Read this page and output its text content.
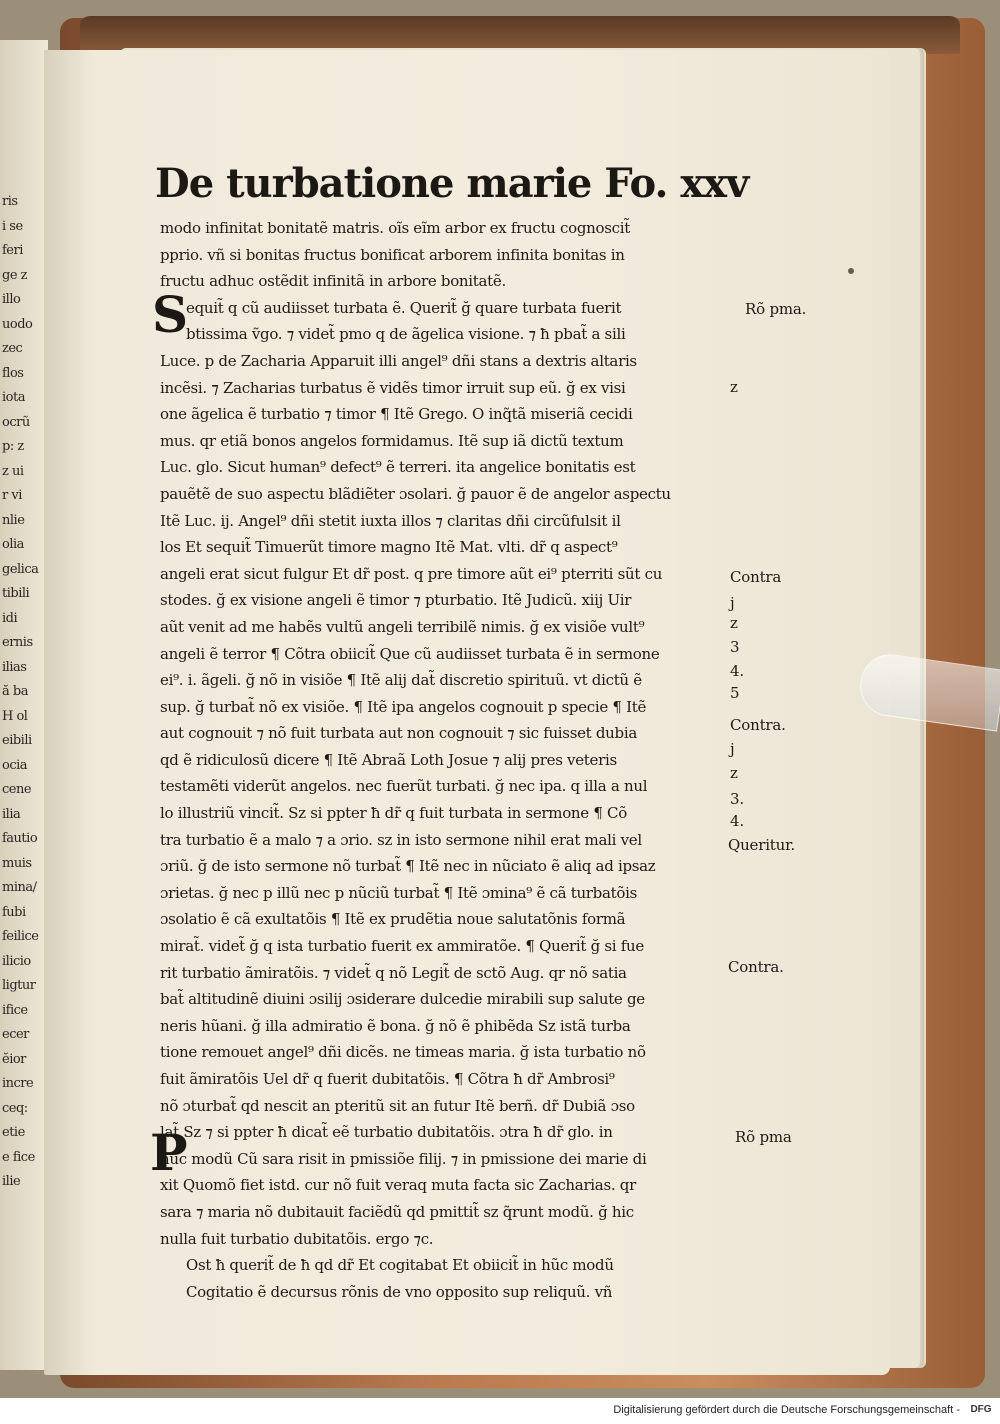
ris
i se
feri
ge z
illo
uodo
zec
flos
iota
ocrũ
p: z
z ui
r vi
nlie
olia
gelica
tibili
idi
ernis
ilias
ă ba
H ol
eibili
ocia
cene
ilia
fautio
muis
mina/
fubi
feilice
ilicio
ligtur
ifice
ecer
ĕior
incre
ceq:
etie
e fice
ilie
De turbatione marie Fo. xxv
modo infinitat bonitatẽ matris. oĩs eĩm arbor ex fructu cognoscit̃
pprio. vñ si bonitas fructus bonificat arborem infinita bonitas in
fructu adhuc ostẽdit infinitã in arbore bonitatẽ.
equit̃ q cũ audiisset turbata ẽ. Querit̃ ğ quare turbata fuerit
btissima ṽgo. ⁊ videt̃ pmo q de ãgelica visione. ⁊ ħ pbat̃ a sili
Luce. p de Zacharia Apparuit illi angel⁹ dñi stans a dextris altaris
incẽsi. ⁊ Zacharias turbatus ẽ vidẽs timor irruit sup eũ. ğ ex visi
one ãgelica ẽ turbatio ⁊ timor ¶ Itẽ Grego. O inq̃tã miseriã cecidi
mus. qr etiã bonos angelos formidamus. Itẽ sup iã dictũ textum
Luc. glo. Sicut human⁹ defect⁹ ẽ terreri. ita angelice bonitatis est
pauẽtẽ de suo aspectu blãdiẽter ɔsolari. ğ pauor ẽ de angelor aspectu
Itẽ Luc. ij. Angel⁹ dñi stetit iuxta illos ⁊ claritas dñi circũfulsit il
los Et sequit̃ Timuerũt timore magno Itẽ Mat. vlti. dr̃ q aspect⁹
angeli erat sicut fulgur Et dr̃ post. q pre timore aũt ei⁹ pterriti sũt cu
stodes. ğ ex visione angeli ẽ timor ⁊ pturbatio. Itẽ Judicũ. xiij Uir
aũt venit ad me habẽs vultũ angeli terribilẽ nimis. ğ ex visiõe vult⁹
angeli ẽ terror ¶ Cõtra obiicit̃ Que cũ audiisset turbata ẽ in sermone
ei⁹. i. ãgeli. ğ nõ in visiõe ¶ Itẽ alij dat̃ discretio spirituũ. vt dictũ ẽ
sup. ğ turbat̃ nõ ex visiõe. ¶ Itẽ ipa angelos cognouit p specie ¶ Itẽ
aut cognouit ⁊ nõ fuit turbata aut non cognouit ⁊ sic fuisset dubia
qd ẽ ridiculosũ dicere ¶ Itẽ Abraã Loth Josue ⁊ alij pres veteris
testamẽti viderũt angelos. nec fuerũt turbati. ğ nec ipa. q illa a nul
lo illustriũ vincit̃. Sz si ppter ħ dr̃ q fuit turbata in sermone ¶ Cõ
tra turbatio ẽ a malo ⁊ a ɔrio. sz in isto sermone nihil erat mali vel
ɔriũ. ğ de isto sermone nõ turbat̃ ¶ Itẽ nec in nũciato ẽ aliq ad ipsaz
ɔrietas. ğ nec p illũ nec p nũciũ turbat̃ ¶ Itẽ ɔmina⁹ ẽ cã turbatõis
ɔsolatio ẽ cã exultatõis ¶ Itẽ ex prudẽtia noue salutatõnis formã
mirat̃. videt̃ ğ q ista turbatio fuerit ex ammiratõe. ¶ Querit̃ ğ si fue
rit turbatio ãmiratõis. ⁊ videt̃ q nõ Legit̃ de sctõ Aug. qr nõ satia
bat̃ altitudinẽ diuini ɔsilij ɔsiderare dulcedie mirabili sup salute ge
neris hũani. ğ illa admiratio ẽ bona. ğ nõ ẽ phibẽda Sz istã turba
tione remouet angel⁹ dñi dicẽs. ne timeas maria. ğ ista turbatio nõ
fuit ãmiratõis Uel dr̃ q fuerit dubitatõis. ¶ Cõtra ħ dr̃ Ambrosi⁹
nõ ɔturbat̃ qd nescit an pteritũ sit an futur Itẽ berñ. dr̃ Dubiã ɔso
lat̃ Sz ⁊ si ppter ħ dicat̃ eẽ turbatio dubitatõis. ɔtra ħ dr̃ glo. in
hũc modũ Cũ sara risit in pmissiõe filij. ⁊ in pmissione dei marie di
xit Quomõ fiet istd. cur nõ fuit veraq muta facta sic Zacharias. qr
sara ⁊ maria nõ dubitauit faciẽdũ qd pmittit̃ sz q̃runt modũ. ğ hic
nulla fuit turbatio dubitatõis. ergo ⁊c.
Ost ħ querit̃ de ħ qd dr̃ Et cogitabat Et obiicit̃ in hũc modũ
Cogitatio ẽ decursus rõnis de vno opposito sup reliquũ. vñ
S
P
Rõ pma.
z
Contra
j
z
3
4.
5
Contra.
j
z
3.
4.
Queritur.
Contra.
Rõ pma
Digitalisierung gefördert durch die Deutsche Forschungsgemeinschaft - DFG
